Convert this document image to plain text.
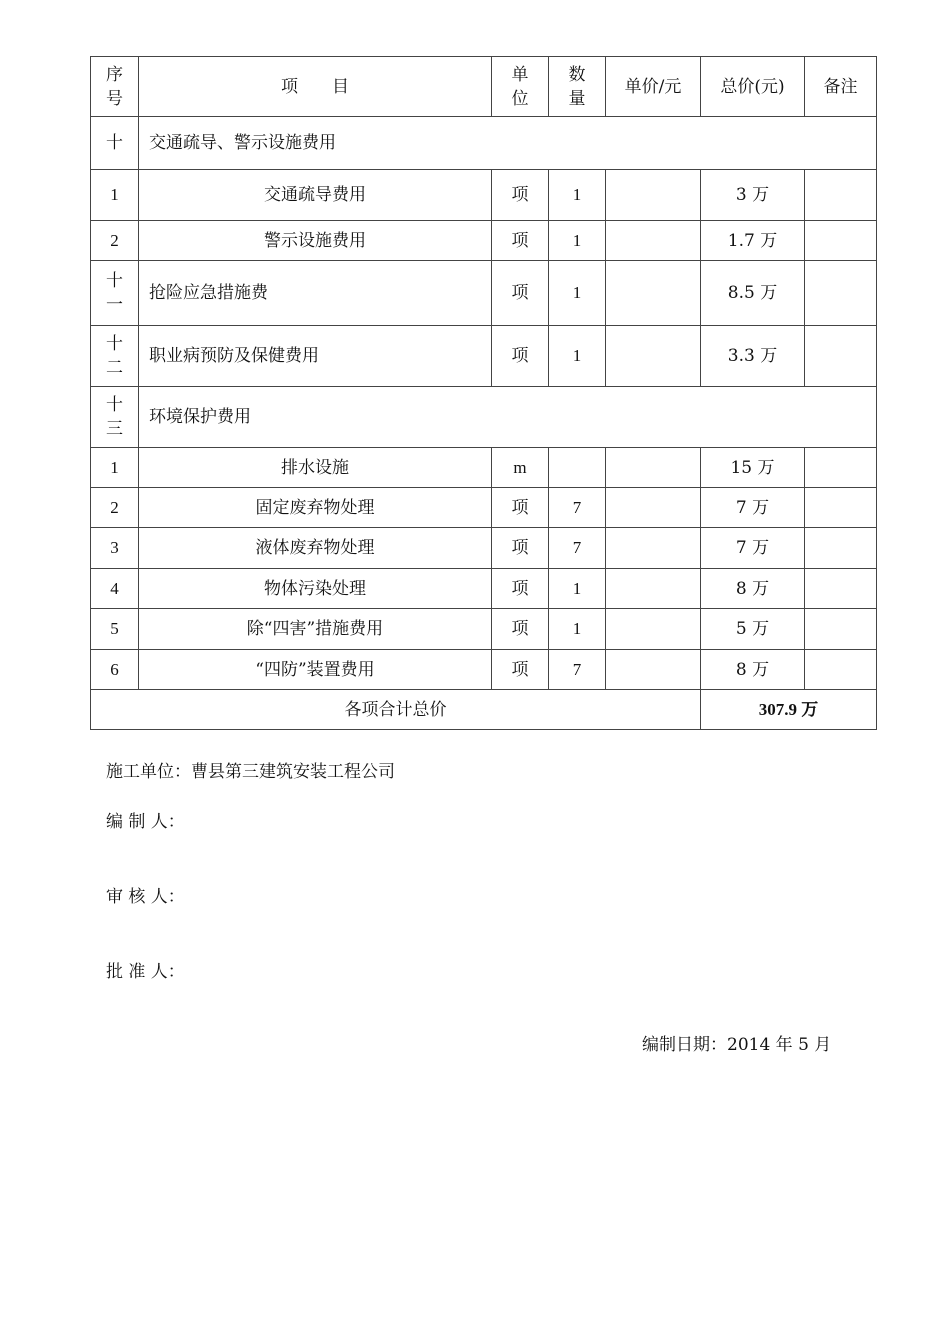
序号	项　　目	单位	数量	单价/元	总价(元)	备注
十	交通疏导、警示设施费用					
1	交通疏导费用	项	1		3 万	
2	警示设施费用	项	1		1.7 万	
十一	抢险应急措施费	项	1		8.5 万	
十二	职业病预防及保健费用	项	1		3.3 万	
十三	环境保护费用					
1	排水设施	m			15 万	
2	固定废弃物处理	项	7		7 万	
3	液体废弃物处理	项	7		7 万	
4	物体污染处理	项	1		8 万	
5	除“四害”措施费用	项	1		5 万	
6	“四防”装置费用	项	7		8 万	
各项合计总价					307.9 万	
施工单位：曹县第三建筑安装工程公司
编 制 人：
审 核 人：
批 准 人：
编制日期：2014 年 5 月
